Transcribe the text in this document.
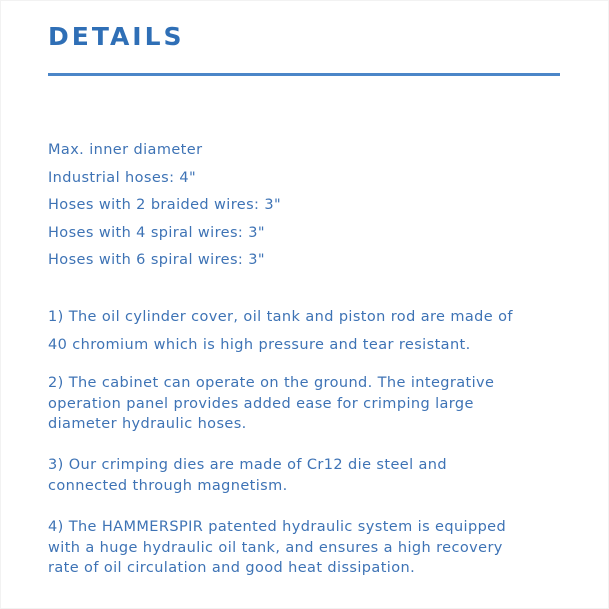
DETAILS
Max. inner diameter
Industrial hoses: 4"
Hoses with 2 braided wires: 3"
Hoses with 4 spiral wires: 3"
Hoses with 6 spiral wires: 3"
1) The oil cylinder cover, oil tank and piston rod are made of
40 chromium which is high pressure and tear resistant.
2) The cabinet can operate on the ground. The integrative
operation panel provides added ease for crimping large
diameter hydraulic hoses.
3) Our crimping dies are made of Cr12 die steel and
connected through magnetism.
4) The HAMMERSPIR patented hydraulic system is equipped
with a huge hydraulic oil tank, and ensures a high recovery
rate of oil circulation and good heat dissipation.
